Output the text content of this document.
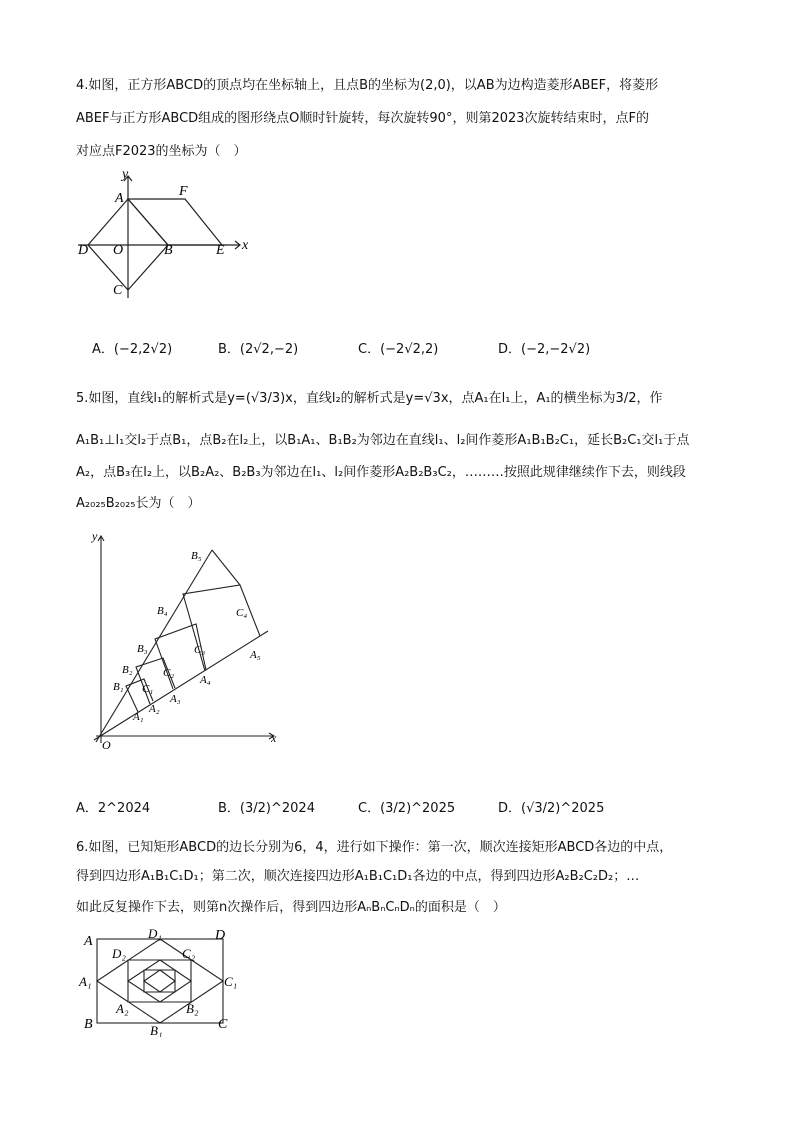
4.如图，正方形ABCD的顶点均在坐标轴上，且点B的坐标为(2,0)，以AB为边构造菱形ABEF，将菱形
ABEF与正方形ABCD组成的图形绕点O顺时针旋转，每次旋转90°，则第2023次旋转结束时，点F的
对应点F2023的坐标为（　）
y
x
A	F
D O	B	E
C
A．(−2,2√2)	B．(2√2,−2)	C．(−2√2,2)	D．(−2,−2√2)
5.如图，直线l₁的解析式是y=(√3/3)x，直线l₂的解析式是y=√3x，点A₁在l₁上，A₁的横坐标为3/2，作
A₁B₁⊥l₁交l₂于点B₁，点B₂在l₂上，以B₁A₁、B₁B₂为邻边在直线l₁、l₂间作菱形A₁B₁B₂C₁，延长B₂C₁交l₁于点
A₂，点B₃在l₂上，以B₂A₂、B₂B₃为邻边在l₁、l₂间作菱形A₂B₂B₃C₂，………按照此规律继续作下去，则线段
A₂₀₂₅B₂₀₂₅长为（　）
O
y
x
B₁
B₂
B₃
B₄
B₅
C₁
C₂
C₃
C₄
A₁
A₂
A₃
A₄
A₅
A．2^2024	B．(3/2)^2024	C．(3/2)^2025	D．(√3/2)^2025
6.如图，已知矩形ABCD的边长分别为6，4，进行如下操作：第一次，顺次连接矩形ABCD各边的中点，
得到四边形A₁B₁C₁D₁；第二次，顺次连接四边形A₁B₁C₁D₁各边的中点，得到四边形A₂B₂C₂D₂；…
如此反复操作下去，则第n次操作后，得到四边形AₙBₙCₙDₙ的面积是（　）
A	D
B	C
D₁
D₂	C₂
A₁	C₁
A₂	B₂
B₁
